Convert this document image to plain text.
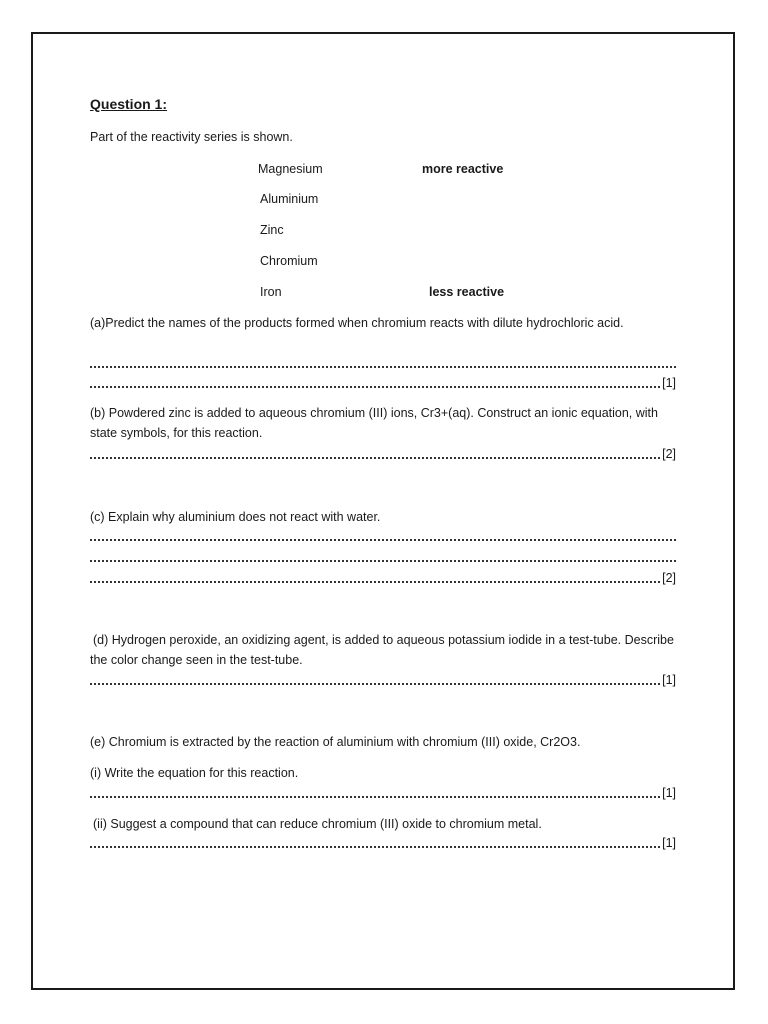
Question 1:
Part of the reactivity series is shown.
Magnesium	more reactive
Aluminium
Zinc
Chromium
Iron	less reactive
(a)Predict the names of the products formed when chromium reacts with dilute hydrochloric acid.
[1]
(b) Powdered zinc is added to aqueous chromium (III) ions, Cr3+(aq). Construct an ionic equation, with state symbols, for this reaction.
[2]
(c) Explain why aluminium does not react with water.
[2]
(d) Hydrogen peroxide, an oxidizing agent, is added to aqueous potassium iodide in a test-tube. Describe the color change seen in the test-tube.
[1]
(e) Chromium is extracted by the reaction of aluminium with chromium (III) oxide, Cr2O3.
(i) Write the equation for this reaction.
[1]
(ii) Suggest a compound that can reduce chromium (III) oxide to chromium metal.
[1]
